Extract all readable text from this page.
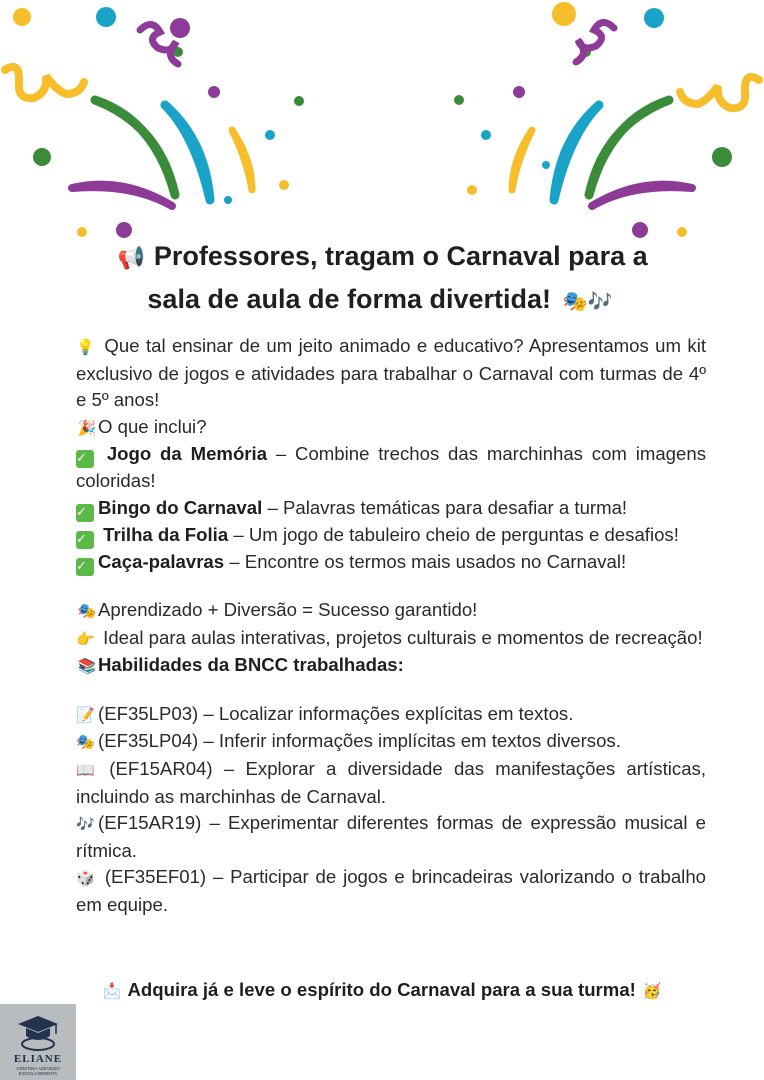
📢 Professores, tragam o Carnaval para a
sala de aula de forma divertida! 🎭🎶

💡 Que tal ensinar de um jeito animado e educativo? Apresentamos um kit exclusivo de jogos e atividades para trabalhar o Carnaval com turmas de 4º e 5º anos!

🎉O que inclui?

✓ Jogo da Memória – Combine trechos das marchinhas com imagens coloridas!

✓ Bingo do Carnaval – Palavras temáticas para desafiar a turma!

✓ Trilha da Folia – Um jogo de tabuleiro cheio de perguntas e desafios!

✓ Caça-palavras – Encontre os termos mais usados no Carnaval!

🎭Aprendizado + Diversão = Sucesso garantido!

👉 Ideal para aulas interativas, projetos culturais e momentos de recreação!

📚Habilidades da BNCC trabalhadas:

📝 (EF35LP03) – Localizar informações explícitas em textos.

🎭 (EF35LP04) – Inferir informações implícitas em textos diversos.

📖 (EF15AR04) – Explorar a diversidade das manifestações artísticas, incluindo as marchinhas de Carnaval.

🎶 (EF15AR19) – Experimentar diferentes formas de expressão musical e rítmica.

🎲 (EF35EF01) – Participar de jogos e brincadeiras valorizando o trabalho em equipe.

📩 Adquira já e leve o espírito do Carnaval para a sua turma! 🥳
ELIANE
CRISTINA AZEVEDO
ESCOLA BENDITA
